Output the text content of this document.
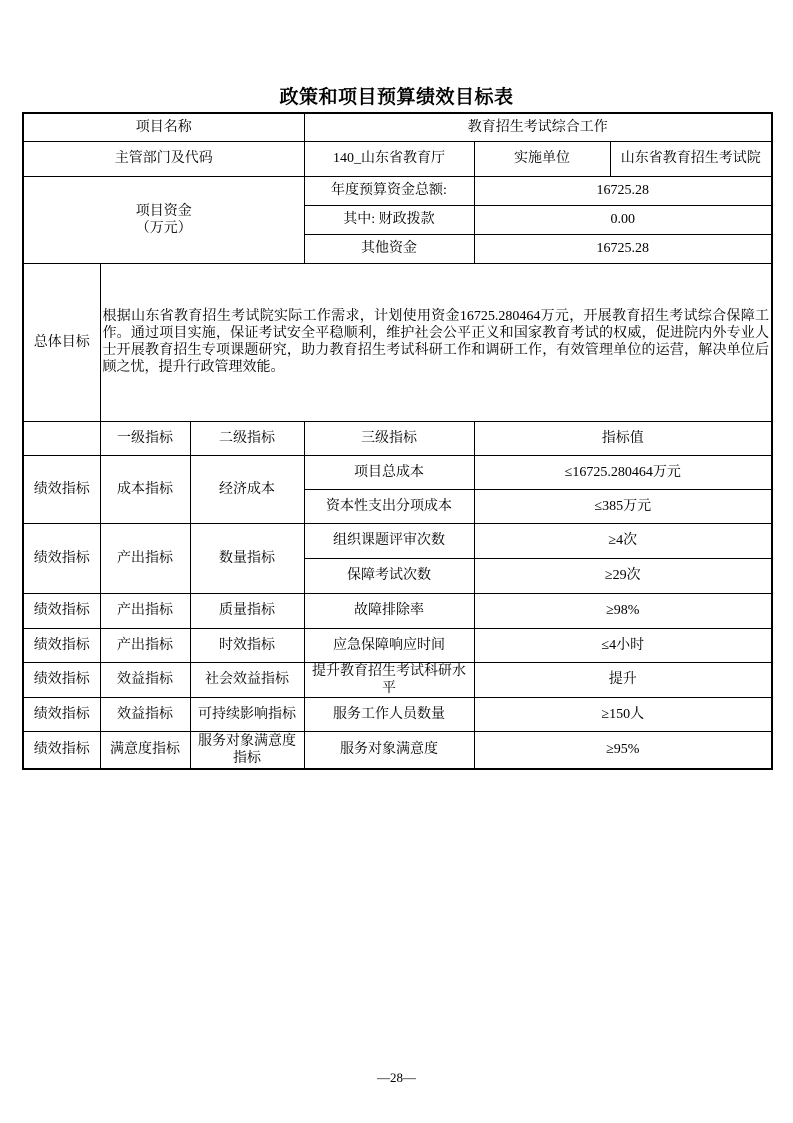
政策和项目预算绩效目标表
项目名称			教育招生考试综合工作		
主管部门及代码			140_山东省教育厅	实施单位	山东省教育招生考试院

项目资金
（万元）			年度预算资金总额:	16725.28	
			其中: 财政拨款	0.00	
			其他资金	16725.28	
总体目标	根据山东省教育招生考试院实际工作需求，计划使用资金16725.280464万元，开展教育招生考试综合保障工作。通过项目实施，保证考试安全平稳顺利，维护社会公平正义和国家教育考试的权威，促进院内外专业人士开展教育招生专项课题研究，助力教育招生考试科研工作和调研工作，有效管理单位的运营，解决单位后顾之忧，提升行政管理效能。				

	一级指标	二级指标	三级指标	指标值	
绩效指标	成本指标	经济成本	项目总成本	≤16725.280464万元	
			资本性支出分项成本	≤385万元	
绩效指标	产出指标	数量指标	组织课题评审次数	≥4次	
			保障考试次数	≥29次	
绩效指标	产出指标	质量指标	故障排除率	≥98%	
绩效指标	产出指标	时效指标	应急保障响应时间	≤4小时	
绩效指标	效益指标	社会效益指标	提升教育招生考试科研水平	提升	
绩效指标	效益指标	可持续影响指标	服务工作人员数量	≥150人	
绩效指标	满意度指标	服务对象满意度指标	服务对象满意度	≥95%	
—28—
